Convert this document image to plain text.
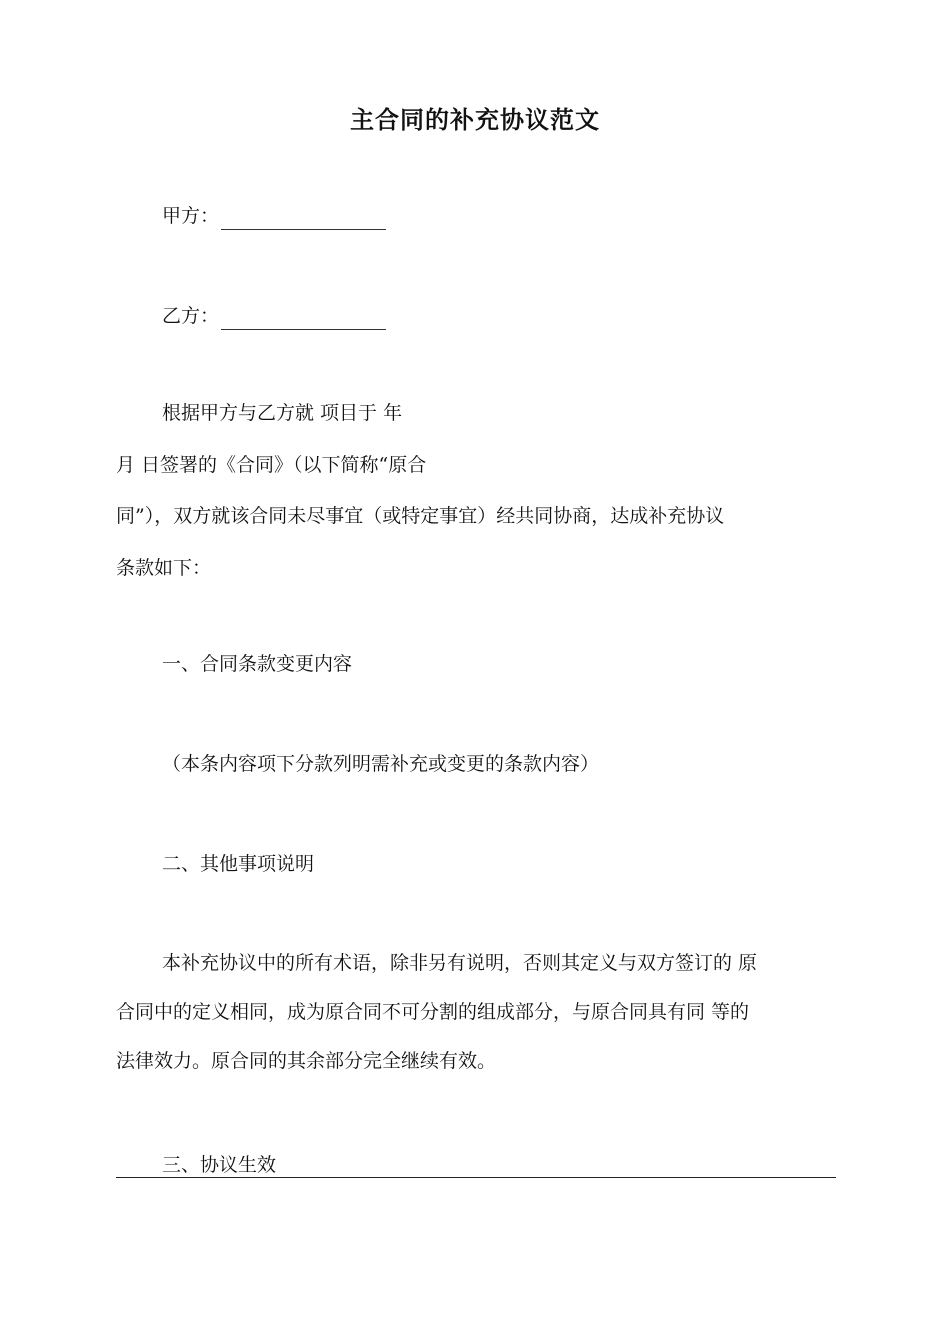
主合同的补充协议范文
甲方：
乙方：
根据甲方与乙方就 项目于 年
月 日签署的《合同》（以下简称“原合
同”），双方就该合同未尽事宜（或特定事宜）经共同协商，达成补充协议
条款如下：
一、合同条款变更内容
（本条内容项下分款列明需补充或变更的条款内容）
二、其他事项说明
本补充协议中的所有术语，除非另有说明，否则其定义与双方签订的 原
合同中的定义相同，成为原合同不可分割的组成部分，与原合同具有同 等的
法律效力。原合同的其余部分完全继续有效。
三、协议生效
